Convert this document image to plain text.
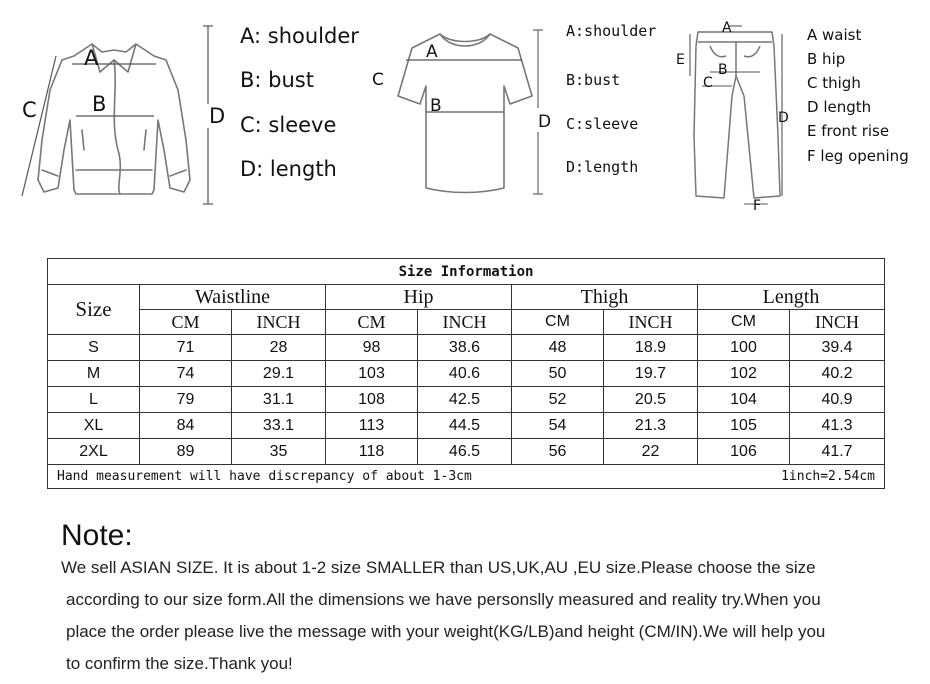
A
B
C	D
A: shoulder
B: bust
C: sleeve
D: length
A
B
C
D
A:shoulder
B:bust
C:sleeve
D:length
A
B
C
D
E
F
A waist
B hip
C thigh
D length
E front rise
F leg opening
Size Information								
Size	Waistline		Hip		Thigh		Length	
	CM	INCH	CM	INCH	CM	INCH	CM	INCH
S	71	28	98	38.6	48	18.9	100	39.4
M	74	29.1	103	40.6	50	19.7	102	40.2
L	79	31.1	108	42.5	52	20.5	104	40.9
XL	84	33.1	113	44.5	54	21.3	105	41.3
2XL	89	35	118	46.5	56	22	106	41.7

Hand measurement will have discrepancy of about 1-3cm 1inch=2.54cm								
Note:
We sell ASIAN SIZE. It is about 1-2 size SMALLER than US,UK,AU ,EU size.Please choose the size
according to our size form.All the dimensions we have personslly measured and reality try.When you
place the order please live the message with your weight(KG/LB)and height (CM/IN).We will help you
to confirm the size.Thank you!
